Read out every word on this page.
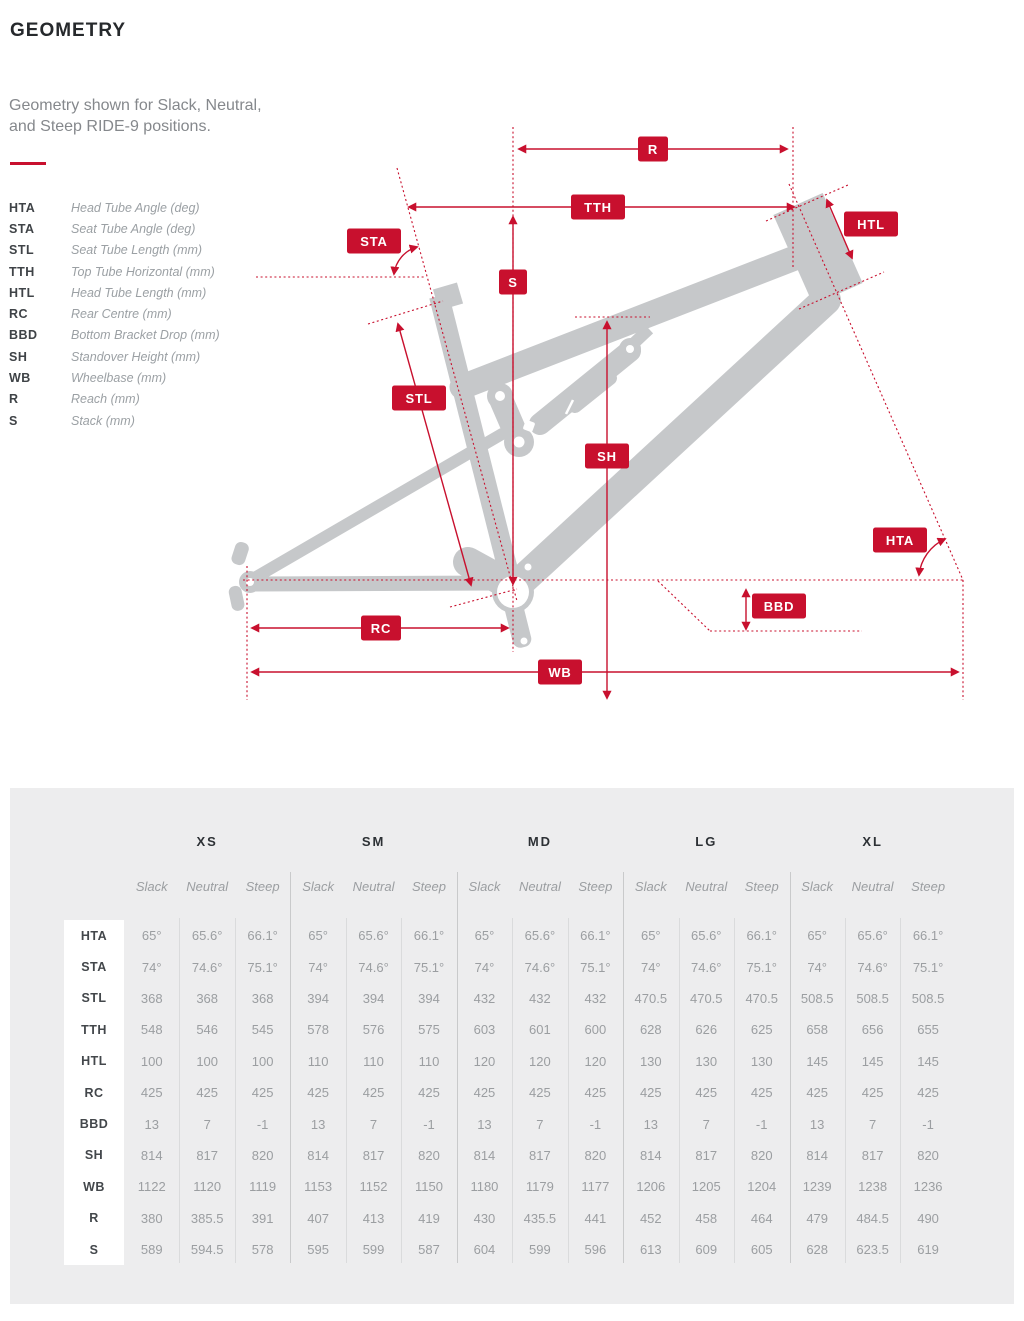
GEOMETRY
Geometry shown for Slack, Neutral,
and Steep RIDE-9 positions.
HTA	Head Tube Angle (deg)
STA	Seat Tube Angle (deg)
STL	Seat Tube Length (mm)
TTH	Top Tube Horizontal (mm)
HTL	Head Tube Length (mm)
RC	Rear Centre (mm)
BBD	Bottom Bracket Drop (mm)
SH	Standover Height (mm)
WB	Wheelbase (mm)
R	Reach (mm)
S	Stack (mm)
R
TTH
HTL
STA
S
STL
SH
HTA
BBD
RC
WB
XS	SM	MD	LG	XL
Slack	Neutral	Steep	Slack	Neutral	Steep	Slack	Neutral	Steep	Slack	Neutral	Steep	Slack	Neutral	Steep
HTA	65°	65.6°	66.1°	65°	65.6°	66.1°	65°	65.6°	66.1°	65°	65.6°	66.1°	65°	65.6°	66.1°
STA	74°	74.6°	75.1°	74°	74.6°	75.1°	74°	74.6°	75.1°	74°	74.6°	75.1°	74°	74.6°	75.1°
STL	368	368	368	394	394	394	432	432	432	470.5	470.5	470.5	508.5	508.5	508.5
TTH	548	546	545	578	576	575	603	601	600	628	626	625	658	656	655
HTL	100	100	100	110	110	110	120	120	120	130	130	130	145	145	145
RC	425	425	425	425	425	425	425	425	425	425	425	425	425	425	425
BBD	13	7	-1	13	7	-1	13	7	-1	13	7	-1	13	7	-1
SH	814	817	820	814	817	820	814	817	820	814	817	820	814	817	820
WB	1122	1120	1119	1153	1152	1150	1180	1179	1177	1206	1205	1204	1239	1238	1236
R	380	385.5	391	407	413	419	430	435.5	441	452	458	464	479	484.5	490
S	589	594.5	578	595	599	587	604	599	596	613	609	605	628	623.5	619
